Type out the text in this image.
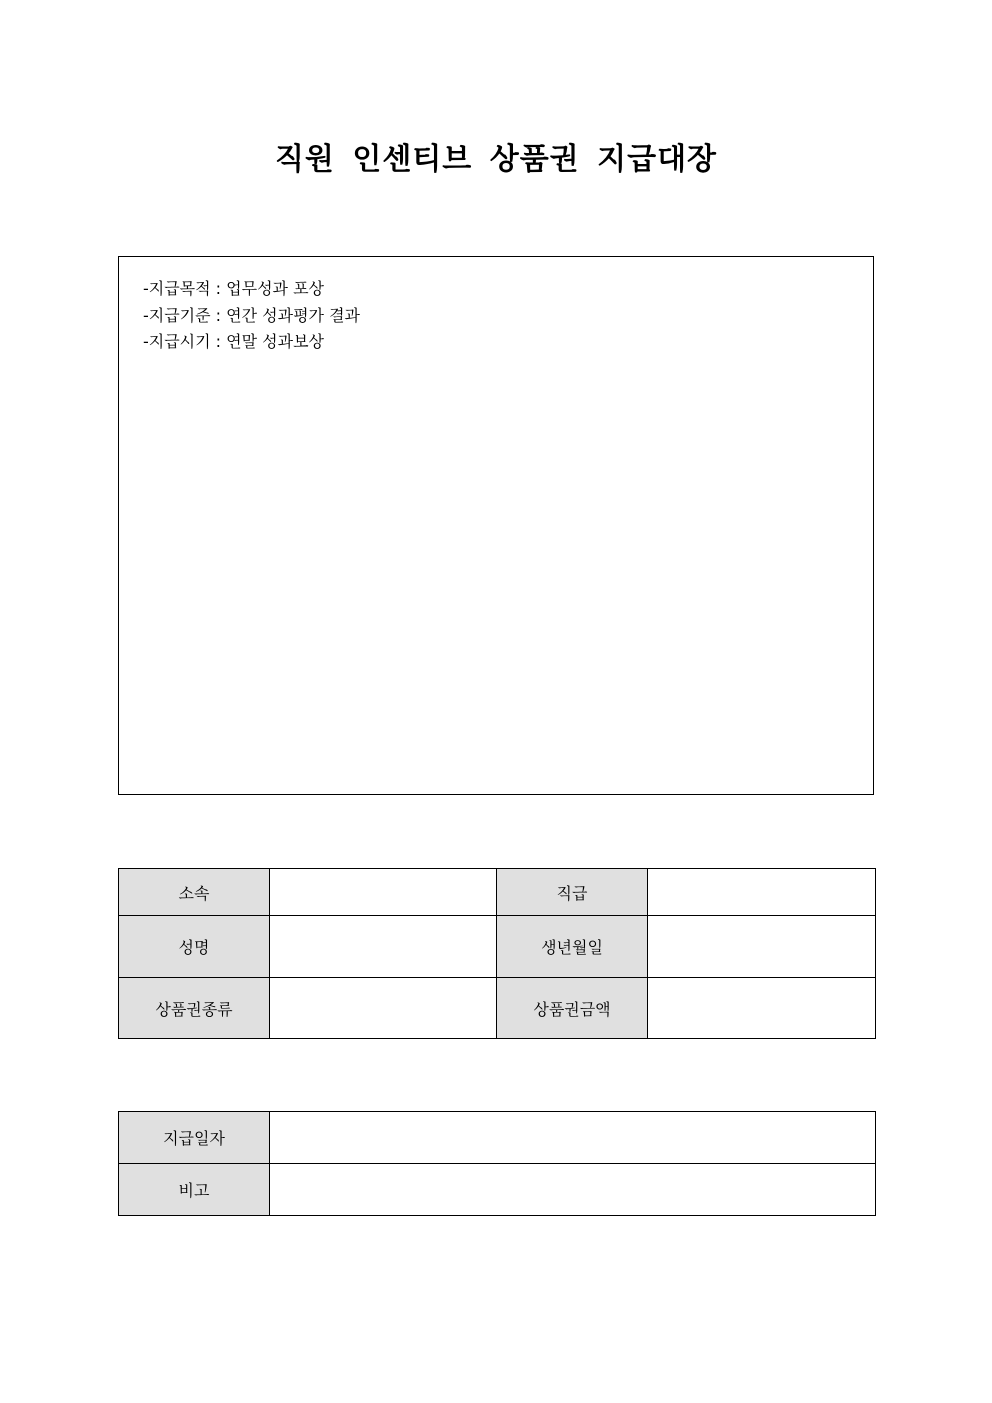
직원 인센티브 상품권 지급대장
-지급목적 : 업무성과 포상
-지급기준 : 연간 성과평가 결과
-지급시기 : 연말 성과보상
소속		직급	
성명		생년월일	
상품권종류		상품권금액	
지급일자	
비고	
